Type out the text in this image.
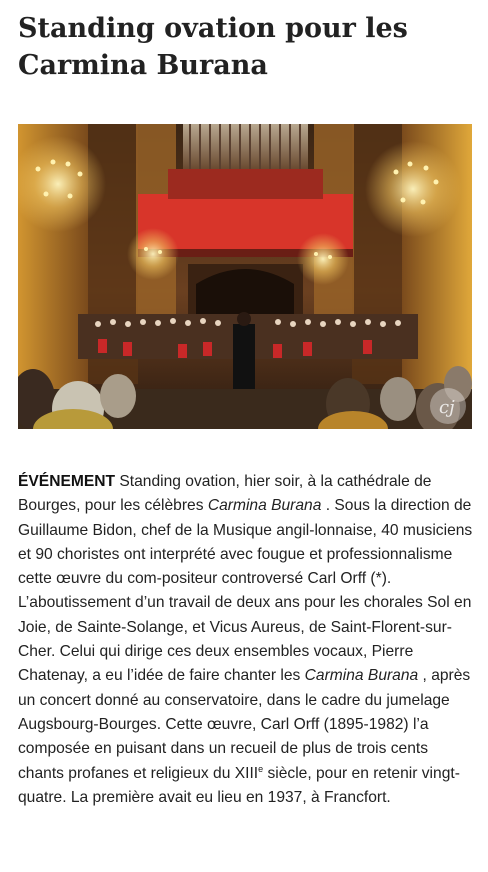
Standing ovation pour les Carmina Burana
cj

ÉVÉNEMENT Standing ovation, hier soir, à la cathédrale de Bourges, pour les célèbres Carmina Burana . Sous la direction de Guillaume Bidon, chef de la Musique angil-lonnaise, 40 musiciens et 90 choristes ont interprété avec fougue et professionnalisme cette œuvre du com-positeur controversé Carl Orff (*). L’aboutissement d’un travail de deux ans pour les chorales Sol en Joie, de Sainte-Solange, et Vicus Aureus, de Saint-Florent-sur-Cher. Celui qui dirige ces deux ensembles vocaux, Pierre Chatenay, a eu l’idée de faire chanter les Carmina Burana , après un concert donné au conservatoire, dans le cadre du jumelage Augsbourg-Bourges. Cette œuvre, Carl Orff (1895-1982) l’a composée en puisant dans un recueil de plus de trois cents chants profanes et religieux du XIIIe siècle, pour en retenir vingt-quatre. La première avait eu lieu en 1937, à Francfort.
